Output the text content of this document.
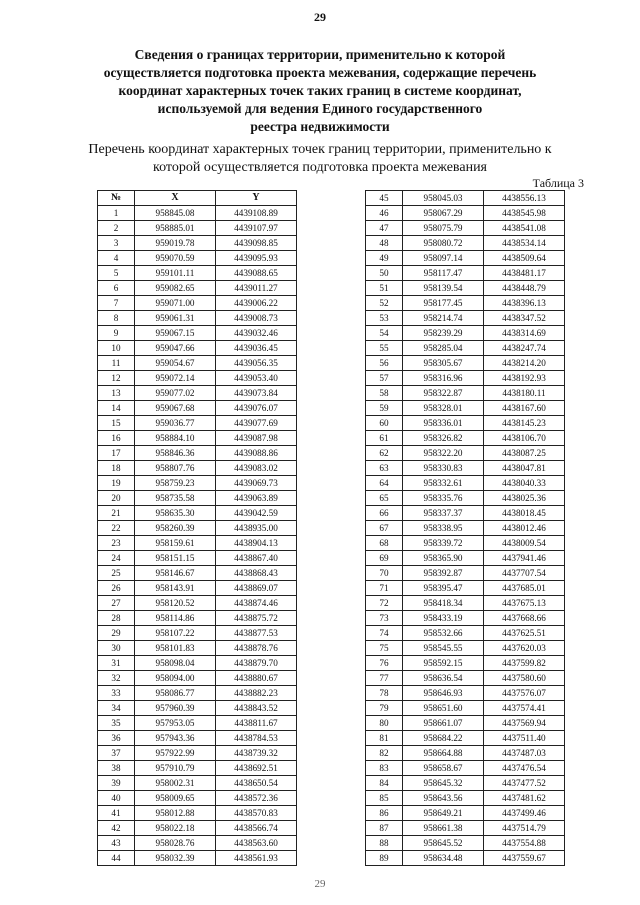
29
Сведения о границах территории, применительно к которой
осуществляется подготовка проекта межевания, содержащие перечень
координат характерных точек таких границ в системе координат,
используемой для ведения Единого государственного
реестра недвижимости
Перечень координат характерных точек границ территории, применительно к
которой осуществляется подготовка проекта межевания
Таблица 3
№	X	Y
1	958845.08	4439108.89
2	958885.01	4439107.97
3	959019.78	4439098.85
4	959070.59	4439095.93
5	959101.11	4439088.65
6	959082.65	4439011.27
7	959071.00	4439006.22
8	959061.31	4439008.73
9	959067.15	4439032.46
10	959047.66	4439036.45
11	959054.67	4439056.35
12	959072.14	4439053.40
13	959077.02	4439073.84
14	959067.68	4439076.07
15	959036.77	4439077.69
16	958884.10	4439087.98
17	958846.36	4439088.86
18	958807.76	4439083.02
19	958759.23	4439069.73
20	958735.58	4439063.89
21	958635.30	4439042.59
22	958260.39	4438935.00
23	958159.61	4438904.13
24	958151.15	4438867.40
25	958146.67	4438868.43
26	958143.91	4438869.07
27	958120.52	4438874.46
28	958114.86	4438875.72
29	958107.22	4438877.53
30	958101.83	4438878.76
31	958098.04	4438879.70
32	958094.00	4438880.67
33	958086.77	4438882.23
34	957960.39	4438843.52
35	957953.05	4438811.67
36	957943.36	4438784.53
37	957922.99	4438739.32
38	957910.79	4438692.51
39	958002.31	4438650.54
40	958009.65	4438572.36
41	958012.88	4438570.83
42	958022.18	4438566.74
43	958028.76	4438563.60
44	958032.39	4438561.93
45	958045.03	4438556.13
46	958067.29	4438545.98
47	958075.79	4438541.08
48	958080.72	4438534.14
49	958097.14	4438509.64
50	958117.47	4438481.17
51	958139.54	4438448.79
52	958177.45	4438396.13
53	958214.74	4438347.52
54	958239.29	4438314.69
55	958285.04	4438247.74
56	958305.67	4438214.20
57	958316.96	4438192.93
58	958322.87	4438180.11
59	958328.01	4438167.60
60	958336.01	4438145.23
61	958326.82	4438106.70
62	958322.20	4438087.25
63	958330.83	4438047.81
64	958332.61	4438040.33
65	958335.76	4438025.36
66	958337.37	4438018.45
67	958338.95	4438012.46
68	958339.72	4438009.54
69	958365.90	4437941.46
70	958392.87	4437707.54
71	958395.47	4437685.01
72	958418.34	4437675.13
73	958433.19	4437668.66
74	958532.66	4437625.51
75	958545.55	4437620.03
76	958592.15	4437599.82
77	958636.54	4437580.60
78	958646.93	4437576.07
79	958651.60	4437574.41
80	958661.07	4437569.94
81	958684.22	4437511.40
82	958664.88	4437487.03
83	958658.67	4437476.54
84	958645.32	4437477.52
85	958643.56	4437481.62
86	958649.21	4437499.46
87	958661.38	4437514.79
88	958645.52	4437554.88
89	958634.48	4437559.67
29
